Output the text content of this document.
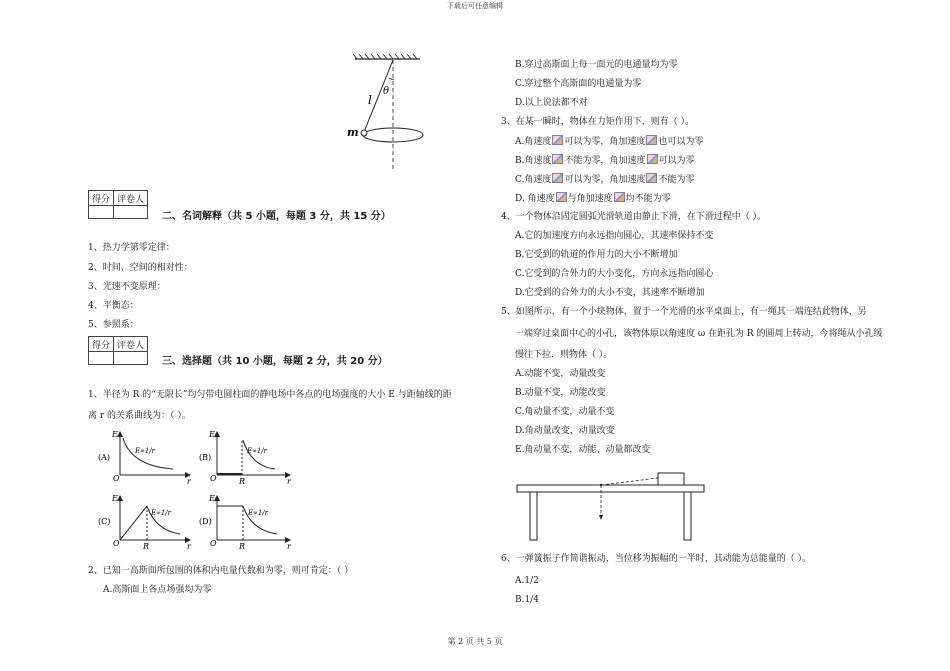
下载后可任意编辑
第 2 页 共 5 页
l
θ
m
得分	评卷人

二、名词解释（共 5 小题，每题 3 分，共 15 分）
1、热力学第零定律：
2、时间、空间的相对性：
3、光速不变原理：
4、平衡态：
5、参照系：
得分	评卷人

三、选择题（共 10 小题，每题 2 分，共 20 分）
1、半径为 R 的“无限长”均匀带电圆柱面的静电场中各点的电场强度的大小 E 与距轴线的距
离 r 的关系曲线为：（ ）。
E
O	r
E∝1/r
(A)
E
O	R	r
E∝1/r
(B)
E
O	R	r
E∝1/r
(C)
E
O	R	r
E∝1/r
(D)
2、已知一高斯面所包围的体积内电量代数和为零，则可肯定：（ ）
A.高斯面上各点场强均为零
B.穿过高斯面上每一面元的电通量均为零
C.穿过整个高斯面的电通量为零
D.以上说法都不对
3、在某一瞬时，物体在力矩作用下，则有（ ）。
A.角速度 可以为零，角加速度 也可以为零
B.角速度 不能为零，角加速度 可以为零
C.角速度 可以为零，角加速度 不能为零
D. 角速度 与角加速度 均不能为零
4、一个物体沿固定圆弧光滑轨道由静止下滑，在下滑过程中（ ）。
A.它的加速度方向永远指向圆心，其速率保持不变
B.它受到的轨道的作用力的大小不断增加
C.它受到的合外力的大小变化，方向永远指向圆心
D.它受到的合外力的大小不变，其速率不断增加
5、如图所示，有一个小块物体，置于一个光滑的水平桌面上，有一绳其一端连结此物体，另
一端穿过桌面中心的小孔，该物体原以角速度 ω 在距孔为 R 的圆周上转动，今将绳从小孔缓
慢往下拉．则物体（ ）。
A.动能不变，动量改变
B.动量不变，动能改变
C.角动量不变，动量不变
D.角动量改变，动量改变
E.角动量不变，动能、动量都改变
6、一弹簧振子作简谐振动，当位移为振幅的一半时，其动能为总能量的（ ）。
A.1/2
B.1/4
